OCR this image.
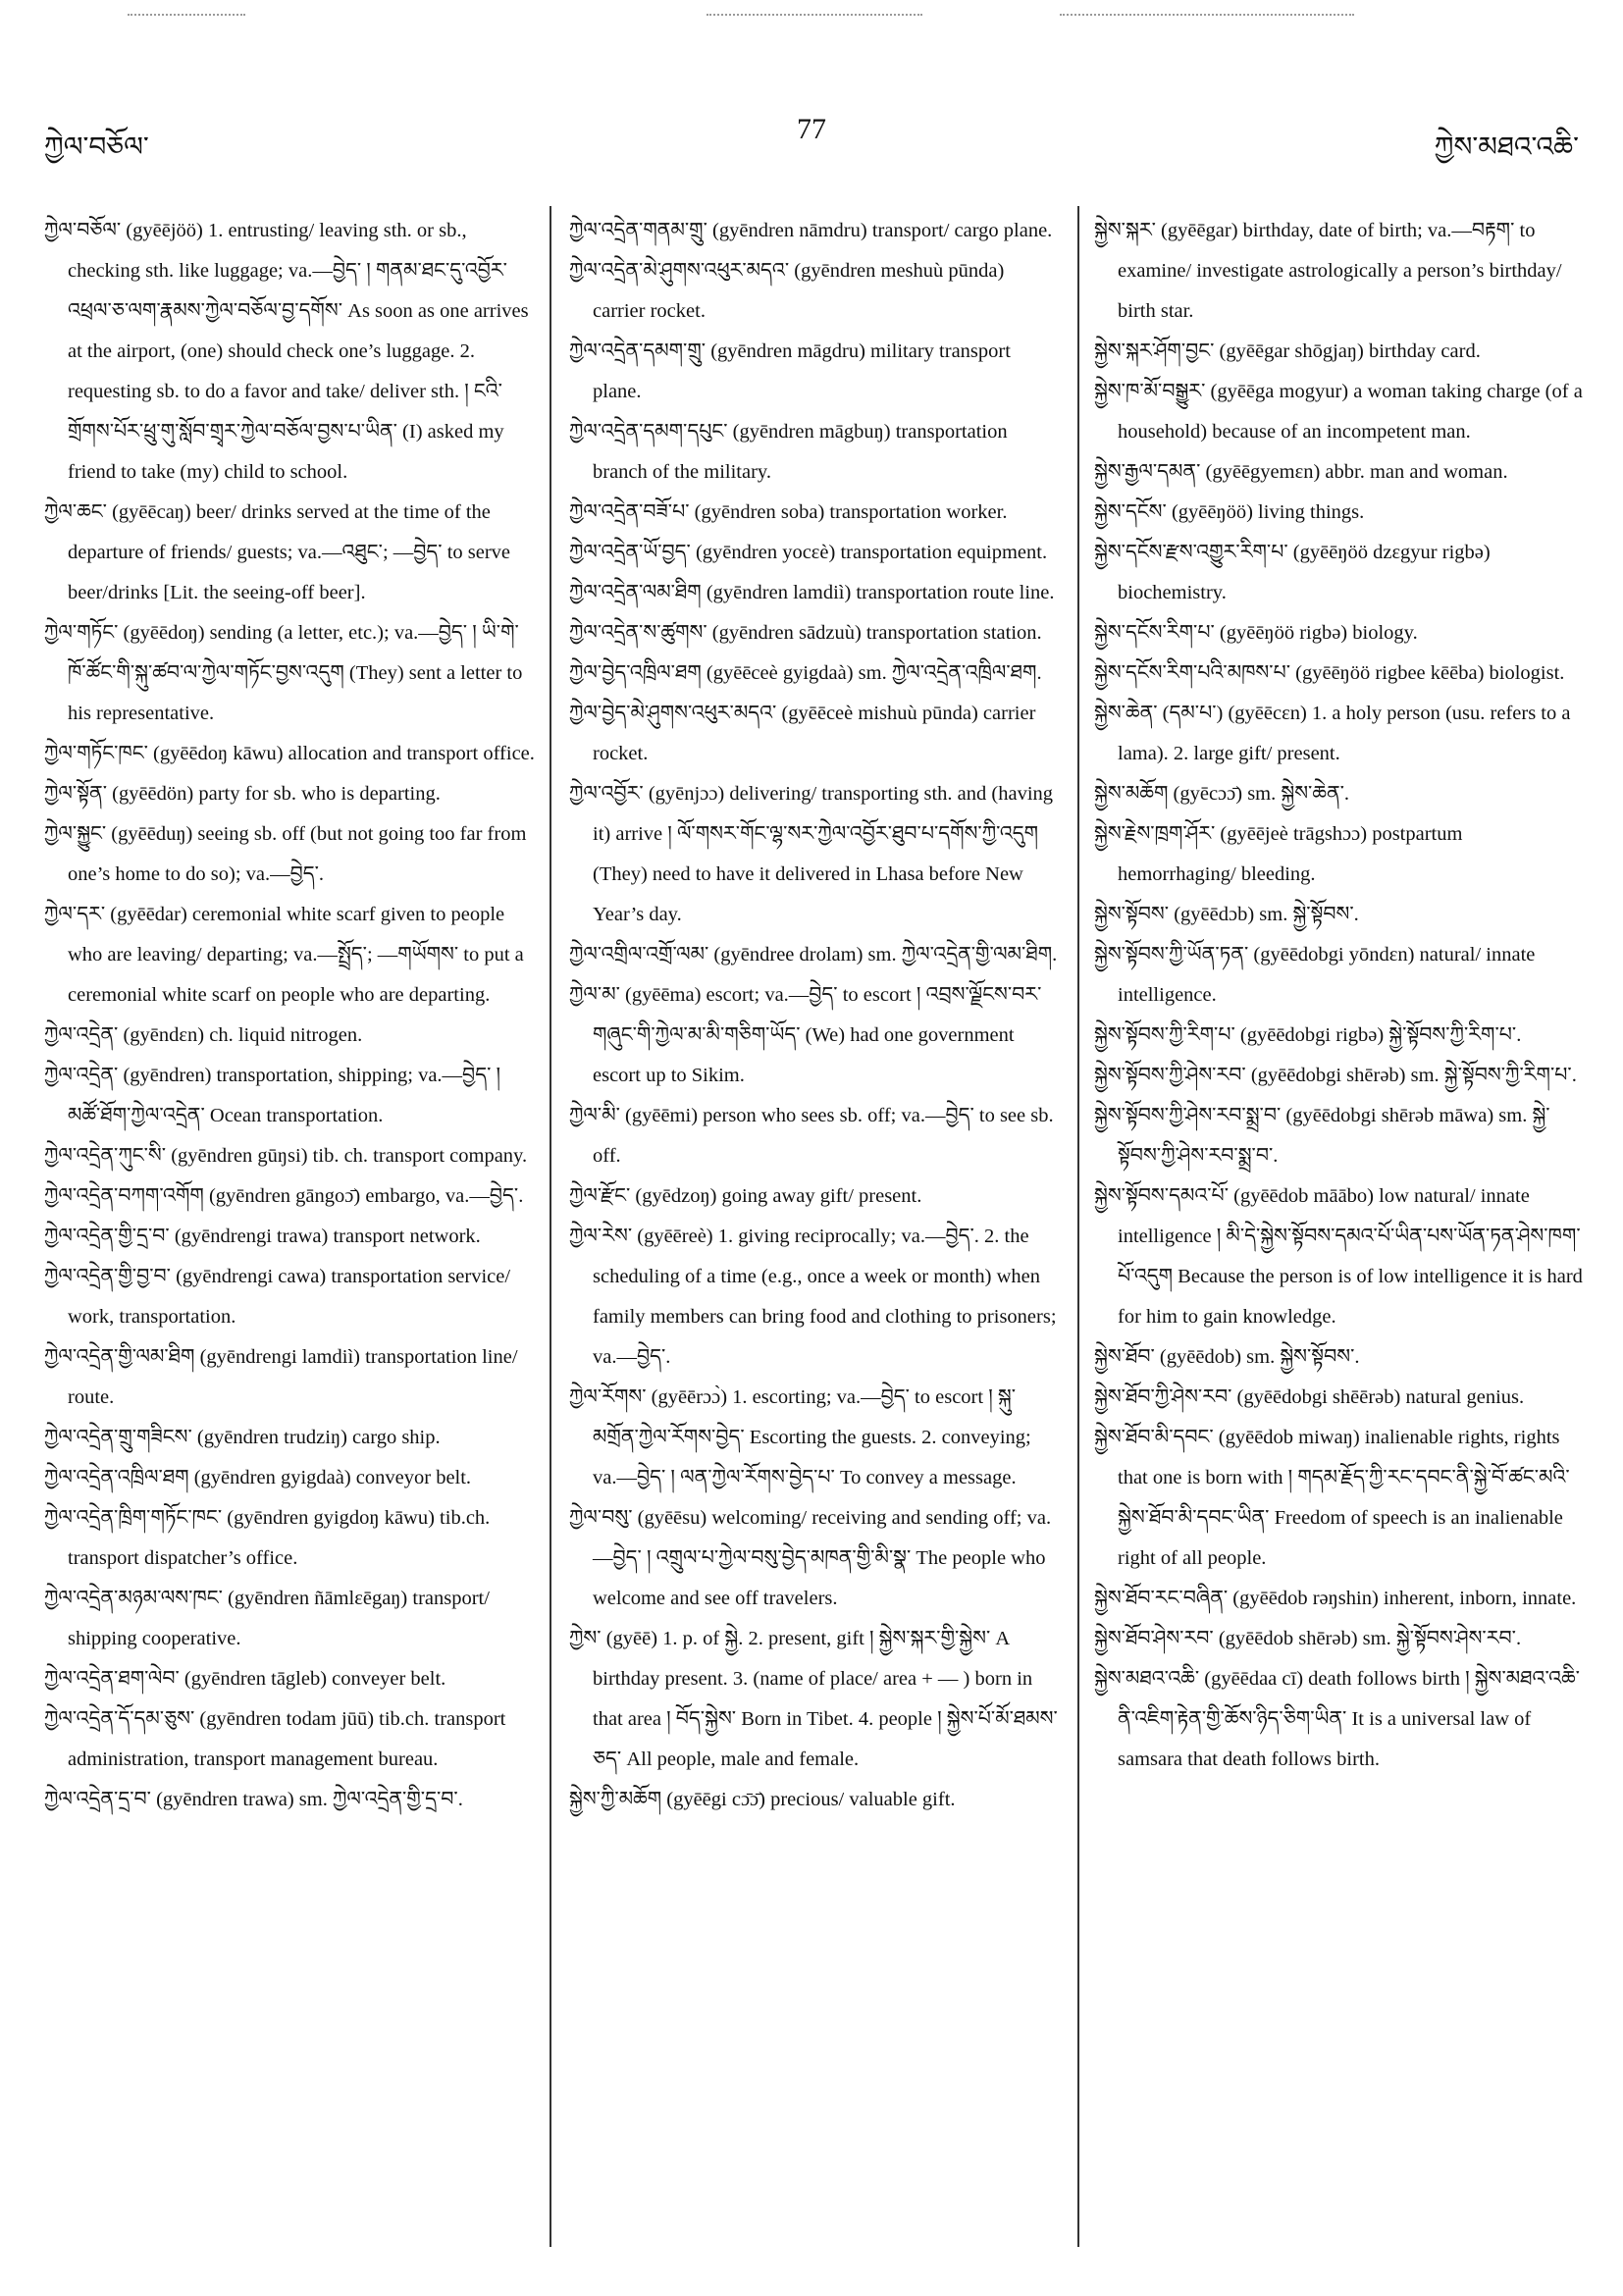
ཀྱེལ་བཅོལ་
77
ཀྱེས་མཐའ་འཆི་

ཀྱེལ་བཅོལ་ (gyēējöö) 1. entrusting/ leaving sth. or sb., checking sth. like luggage; va.—བྱེད་ ། གནམ་ཐང་དུ་འབྱོར་འཕྲལ་ཅ་ལག་རྣམས་ཀྱེལ་བཅོལ་བྱ་དགོས་ As soon as one arrives at the airport, (one) should check one’s luggage. 2. requesting sb. to do a favor and take/ deliver sth. ། ངའི་གྲོགས་པོར་ཕྲུ་གུ་སློབ་གྲྭར་ཀྱེལ་བཅོལ་བྱས་པ་ཡིན་ (I) asked my friend to take (my) child to school.

ཀྱེལ་ཆང་ (gyēēcaŋ) beer/ drinks served at the time of the departure of friends/ guests; va.—འཐུང་; —བྱེད་ to serve beer/drinks [Lit. the seeing-off beer].

ཀྱེལ་གཏོང་ (gyēēdoŋ) sending (a letter, etc.); va.—བྱེད་ ། ཡི་གེ་ཁོ་ཚོང་གི་སྐུ་ཚབ་ལ་ཀྱེལ་གཏོང་བྱས་འདུག (They) sent a letter to his representative.

ཀྱེལ་གཏོང་ཁང་ (gyēēdoŋ kāwu) allocation and transport office.

ཀྱེལ་སྟོན་ (gyēēdön) party for sb. who is departing.

ཀྱེལ་སྐྱུང་ (gyēēduŋ) seeing sb. off (but not going too far from one’s home to do so); va.—བྱེད་.

ཀྱེལ་དར་ (gyēēdar) ceremonial white scarf given to people who are leaving/ departing; va.—སྤྲོད་; —གཡོགས་ to put a ceremonial white scarf on people who are departing.

ཀྱེལ་འདྲེན་ (gyēndɛn) ch. liquid nitrogen.

ཀྱེལ་འདྲེན་ (gyēndren) transportation, shipping; va.—བྱེད་ ། མཚོ་ཐོག་ཀྱེལ་འདྲེན་ Ocean transportation.

ཀྱེལ་འདྲེན་ཀུང་སི་ (gyēndren gūŋsi) tib. ch. transport company.

ཀྱེལ་འདྲེན་བཀག་འགོག (gyēndren gāngoɔ̄) embargo, va.—བྱེད་.

ཀྱེལ་འདྲེན་གྱི་དྲ་བ་ (gyēndrengi trawa) transport network.

ཀྱེལ་འདྲེན་གྱི་བྱ་བ་ (gyēndrengi cawa) transportation service/ work, transportation.

ཀྱེལ་འདྲེན་གྱི་ལམ་ཐིག (gyēndrengi lamdiì) transportation line/ route.

ཀྱེལ་འདྲེན་གྲུ་གཟིངས་ (gyēndren trudziŋ) cargo ship.

ཀྱེལ་འདྲེན་འཁྲིལ་ཐག (gyēndren gyigdaà) conveyor belt.

ཀྱེལ་འདྲེན་ཁྲིག་གཏོང་ཁང་ (gyēndren gyigdoŋ kāwu) tib.ch. transport dispatcher’s office.

ཀྱེལ་འདྲེན་མཉམ་ལས་ཁང་ (gyēndren ñāmlɛēgaŋ) transport/ shipping cooperative.

ཀྱེལ་འདྲེན་ཐག་ལེབ་ (gyēndren tāgleb) conveyer belt.

ཀྱེལ་འདྲེན་དོ་དམ་ཅུས་ (gyēndren todam jūū) tib.ch. transport administration, transport management bureau.

ཀྱེལ་འདྲེན་དྲ་བ་ (gyēndren trawa) sm. ཀྱེལ་འདྲེན་གྱི་དྲ་བ་.

ཀྱེལ་འདྲེན་གནམ་གྲུ་ (gyēndren nāmdru) transport/ cargo plane.

ཀྱེལ་འདྲེན་མེ་ཤུགས་འཕུར་མདའ་ (gyēndren meshuù pūnda) carrier rocket.

ཀྱེལ་འདྲེན་དམག་གྲུ་ (gyēndren māgdru) military transport plane.

ཀྱེལ་འདྲེན་དམག་དཔུང་ (gyēndren māgbuŋ) transportation branch of the military.

ཀྱེལ་འདྲེན་བཟོ་པ་ (gyēndren soba) transportation worker.

ཀྱེལ་འདྲེན་ཡོ་བྱད་ (gyēndren yocɛè) transportation equipment.

ཀྱེལ་འདྲེན་ལམ་ཐིག (gyēndren lamdiì) transportation route line.

ཀྱེལ་འདྲེན་ས་ཚུགས་ (gyēndren sādzuù) transportation station.

ཀྱེལ་བྱེད་འཁྲིལ་ཐག (gyēēceè gyigdaà) sm. ཀྱེལ་འདྲེན་འཁྲིལ་ཐག.

ཀྱེལ་བྱེད་མེ་ཤུགས་འཕུར་མདའ་ (gyēēceè mishuù pūnda) carrier rocket.

ཀྱེལ་འབྱོར་ (gyēnjɔɔ) delivering/ transporting sth. and (having it) arrive ། ལོ་གསར་གོང་ལྷ་སར་ཀྱེལ་འབྱོར་ཐུབ་པ་དགོས་ཀྱི་འདུག (They) need to have it delivered in Lhasa before New Year’s day.

ཀྱེལ་འགྲིལ་འགྲོ་ལམ་ (gyēndree drolam) sm. ཀྱེལ་འདྲེན་གྱི་ལམ་ཐིག.

ཀྱེལ་མ་ (gyēēma) escort; va.—བྱེད་ to escort ། འབྲས་ལྗོངས་བར་གཞུང་གི་ཀྱེལ་མ་མི་གཅིག་ཡོད་ (We) had one government escort up to Sikim.

ཀྱེལ་མི་ (gyēēmi) person who sees sb. off; va.—བྱེད་ to see sb. off.

ཀྱེལ་རྫོང་ (gyēdzoŋ) going away gift/ present.

ཀྱེལ་རེས་ (gyēēreè) 1. giving reciprocally; va.—བྱེད་. 2. the scheduling of a time (e.g., once a week or month) when family members can bring food and clothing to prisoners; va.—བྱེད་.

ཀྱེལ་རོགས་ (gyēērɔɔ̀) 1. escorting; va.—བྱེད་ to escort ། སྐུ་མགྲོན་ཀྱེལ་རོགས་བྱེད་ Escorting the guests. 2. conveying; va.—བྱེད་ ། ལན་ཀྱེལ་རོགས་བྱེད་པ་ To convey a message.

ཀྱེལ་བསུ་ (gyēēsu) welcoming/ receiving and sending off; va.—བྱེད་ ། འགྲུལ་པ་ཀྱེལ་བསུ་བྱེད་མཁན་གྱི་མི་སྣ་ The people who welcome and see off travelers.

ཀྱེས་ (gyēē) 1. p. of སྐྱེ. 2. present, gift ། སྐྱེས་སྐར་གྱི་སྐྱེས་ A birthday present. 3. (name of place/ area + — ) born in that area ། བོད་སྐྱེས་ Born in Tibet. 4. people ། སྐྱེས་པོ་མོ་ཐམས་ཅད་ All people, male and female.

སྐྱེས་ཀྱི་མཆོག (gyēēgi cɔ̄ɔ̄) precious/ valuable gift.

སྐྱེས་སྐར་ (gyēēgar) birthday, date of birth; va.—བརྟག་ to examine/ investigate astrologically a person’s birthday/ birth star.

སྐྱེས་སྐར་ཤོག་བྱང་ (gyēēgar shōgjaŋ) birthday card.

སྐྱེས་ཁ་མོ་བསྒྱུར་ (gyēēga mogyur) a woman taking charge (of a household) because of an incompetent man.

སྐྱེས་རྒྱལ་དམན་ (gyēēgyemɛn) abbr. man and woman.

སྐྱེས་དངོས་ (gyēēŋöö) living things.

སྐྱེས་དངོས་རྫས་འགྱུར་རིག་པ་ (gyēēŋöö dzɛgyur rigbə) biochemistry.

སྐྱེས་དངོས་རིག་པ་ (gyēēŋöö rigbə) biology.

སྐྱེས་དངོས་རིག་པའི་མཁས་པ་ (gyēēŋöö rigbee kēēba) biologist.

སྐྱེས་ཆེན་ (དམ་པ་) (gyēēcɛn) 1. a holy person (usu. refers to a lama). 2. large gift/ present.

སྐྱེས་མཆོག (gyēcɔɔ̄) sm. སྐྱེས་ཆེན་.

སྐྱེས་རྗེས་ཁྲག་ཤོར་ (gyēējeè trāgshɔɔ) postpartum hemorrhaging/ bleeding.

སྐྱེས་སྟོབས་ (gyēēdɔb) sm. སྐྱེ་སྟོབས་.

སྐྱེས་སྟོབས་ཀྱི་ཡོན་ཏན་ (gyēēdobgi yōndɛn) natural/ innate intelligence.

སྐྱེས་སྟོབས་ཀྱི་རིག་པ་ (gyēēdobgi rigbə) སྐྱེ་སྟོབས་ཀྱི་རིག་པ་.

སྐྱེས་སྟོབས་ཀྱི་ཤེས་རབ་ (gyēēdobgi shērəb) sm. སྐྱེ་སྟོབས་ཀྱི་རིག་པ་.

སྐྱེས་སྟོབས་ཀྱི་ཤེས་རབ་སྨྲ་བ་ (gyēēdobgi shērəb māwa) sm. སྐྱེ་སྟོབས་ཀྱི་ཤེས་རབ་སྨྲ་བ་.

སྐྱེས་སྟོབས་དམའ་པོ་ (gyēēdob māābo) low natural/ innate intelligence ། མི་དེ་སྐྱེས་སྟོབས་དམའ་པོ་ཡིན་པས་ཡོན་ཏན་ཤེས་ཁག་པོ་འདུག Because the person is of low intelligence it is hard for him to gain knowledge.

སྐྱེས་ཐོབ་ (gyēēdob) sm. སྐྱེས་སྟོབས་.

སྐྱེས་ཐོབ་ཀྱི་ཤེས་རབ་ (gyēēdobgi shēērəb) natural genius.

སྐྱེས་ཐོབ་མི་དབང་ (gyēēdob miwaŋ) inalienable rights, rights that one is born with ། གདམ་རྗོད་ཀྱི་རང་དབང་ནི་སྐྱེ་བོ་ཚང་མའི་སྐྱེས་ཐོབ་མི་དབང་ཡིན་ Freedom of speech is an inalienable right of all people.

སྐྱེས་ཐོབ་རང་བཞིན་ (gyēēdob rəŋshin) inherent, inborn, innate.

སྐྱེས་ཐོབ་ཤེས་རབ་ (gyēēdob shērəb) sm. སྐྱེ་སྟོབས་ཤེས་རབ་.

སྐྱེས་མཐའ་འཆི་ (gyēēdaa cī) death follows birth ། སྐྱེས་མཐའ་འཆི་ནི་འཇིག་རྟེན་གྱི་ཆོས་ཉིད་ཅིག་ཡིན་ It is a universal law of samsara that death follows birth.
